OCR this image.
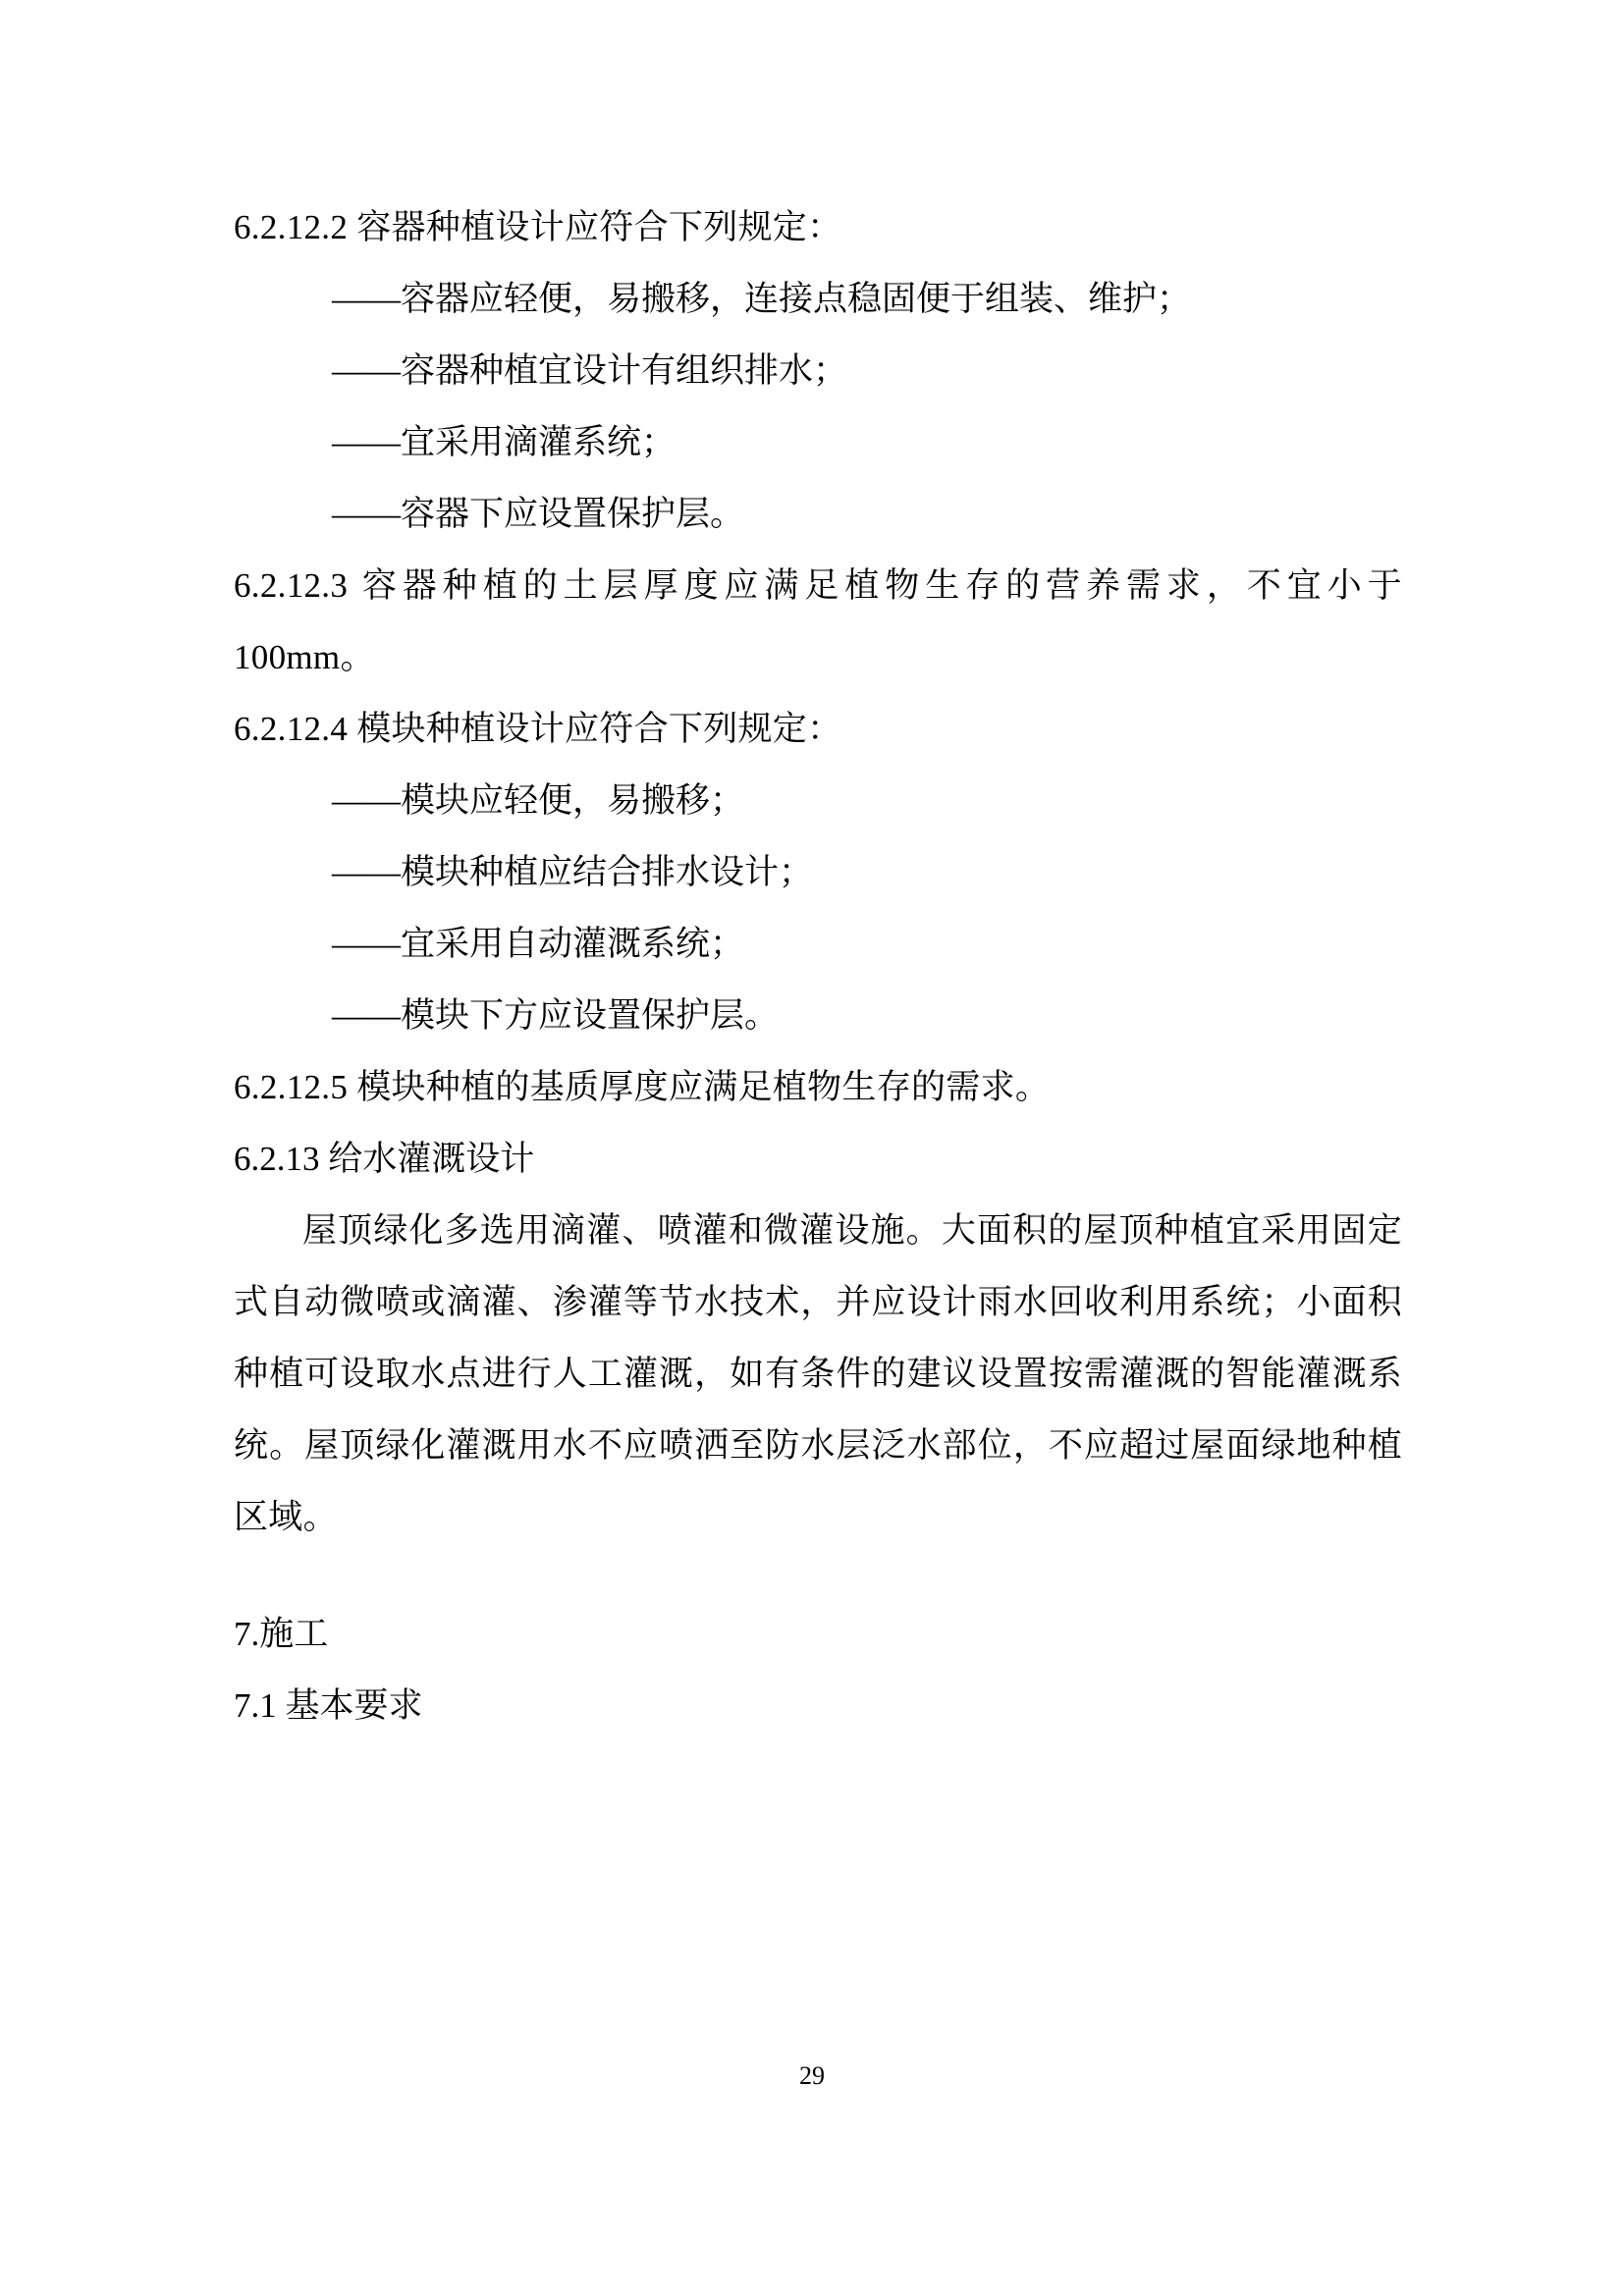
6.2.12.2 容器种植设计应符合下列规定：

——容器应轻便，易搬移，连接点稳固便于组装、维护；

——容器种植宜设计有组织排水；

——宜采用滴灌系统；

——容器下应设置保护层。

6.2.12.3 容器种植的土层厚度应满足植物生存的营养需求，不宜小于 100mm。

6.2.12.4 模块种植设计应符合下列规定：

——模块应轻便，易搬移；

——模块种植应结合排水设计；

——宜采用自动灌溉系统；

——模块下方应设置保护层。

6.2.12.5 模块种植的基质厚度应满足植物生存的需求。

6.2.13 给水灌溉设计

屋顶绿化多选用滴灌、喷灌和微灌设施。大面积的屋顶种植宜采用固定式自动微喷或滴灌、渗灌等节水技术，并应设计雨水回收利用系统；小面积种植可设取水点进行人工灌溉，如有条件的建议设置按需灌溉的智能灌溉系统。屋顶绿化灌溉用水不应喷洒至防水层泛水部位，不应超过屋面绿地种植区域。

7.施工

7.1 基本要求

29
